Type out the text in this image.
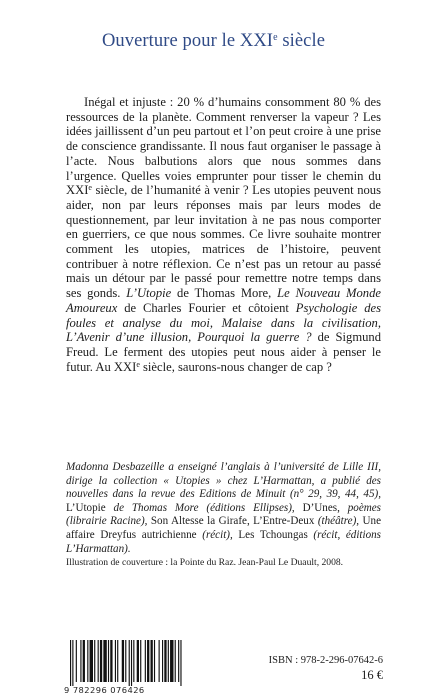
Ouverture pour le XXIe siècle
Inégal et injuste : 20 % d’humains consomment 80 % des ressources de la planète. Comment renverser la vapeur ? Les idées jaillissent d’un peu partout et l’on peut croire à une prise de conscience grandissante. Il nous faut organiser le passage à l’acte. Nous balbutions alors que nous sommes dans l’urgence. Quelles voies emprunter pour tisser le chemin du XXIe siècle, de l’humanité à venir ? Les utopies peuvent nous aider, non par leurs réponses mais par leurs modes de questionnement, par leur invitation à ne pas nous comporter en guerriers, ce que nous sommes. Ce livre souhaite montrer comment les utopies, matrices de l’histoire, peuvent contribuer à notre réflexion. Ce n’est pas un retour au passé mais un détour par le passé pour remettre notre temps dans ses gonds. L’Utopie de Thomas More, Le Nouveau Monde Amoureux de Charles Fourier et côtoient Psychologie des foules et analyse du moi, Malaise dans la civilisation, L’Avenir d’une illusion, Pourquoi la guerre ? de Sigmund Freud. Le ferment des utopies peut nous aider à penser le futur. Au XXIe siècle, saurons-nous changer de cap ?
Madonna Desbazeille a enseigné l’anglais à l’université de Lille III, dirige la collection « Utopies » chez L’Harmattan, a publié des nouvelles dans la revue des Editions de Minuit (n° 29, 39, 44, 45), L’Utopie de Thomas More (éditions Ellipses), D’Unes, poèmes (librairie Racine), Son Altesse la Girafe, L’Entre-Deux (théâtre), Une affaire Dreyfus autrichienne (récit), Les Tchoungas (récit, éditions L’Harmattan).
Illustration de couverture : la Pointe du Raz. Jean-Paul Le Duault, 2008.
9 782296 076426
ISBN : 978-2-296-07642-6
16 €
